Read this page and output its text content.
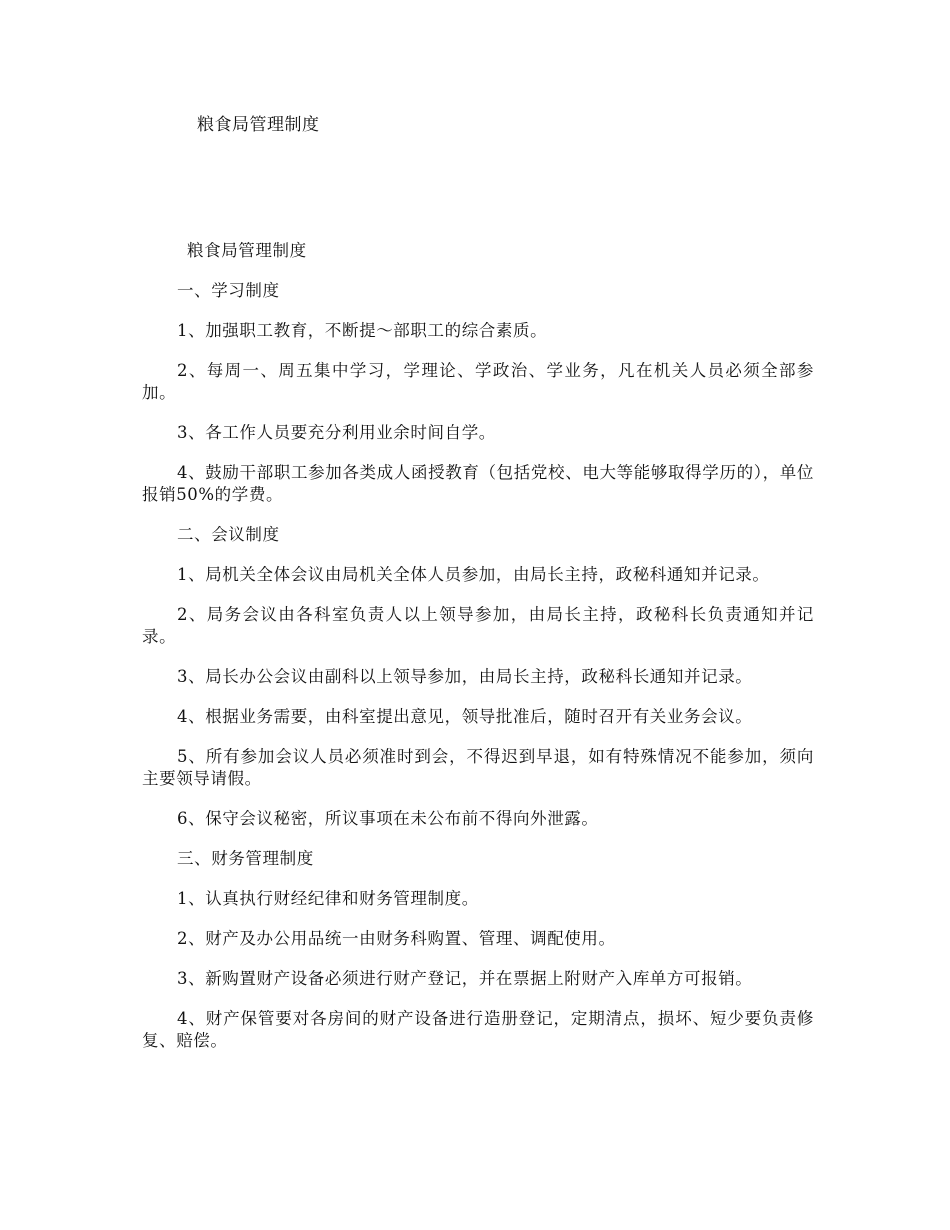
粮食局管理制度

粮食局管理制度

一、学习制度

1、加强职工教育，不断提～部职工的综合素质。

2、每周一、周五集中学习，学理论、学政治、学业务，凡在机关人员必须全部参加。

3、各工作人员要充分利用业余时间自学。

4、鼓励干部职工参加各类成人函授教育（包括党校、电大等能够取得学历的），单位报销50%的学费。

二、会议制度

1、局机关全体会议由局机关全体人员参加，由局长主持，政秘科通知并记录。

2、局务会议由各科室负责人以上领导参加，由局长主持，政秘科长负责通知并记录。

3、局长办公会议由副科以上领导参加，由局长主持，政秘科长通知并记录。

4、根据业务需要，由科室提出意见，领导批准后，随时召开有关业务会议。

5、所有参加会议人员必须准时到会，不得迟到早退，如有特殊情况不能参加，须向主要领导请假。

6、保守会议秘密，所议事项在未公布前不得向外泄露。

三、财务管理制度

1、认真执行财经纪律和财务管理制度。

2、财产及办公用品统一由财务科购置、管理、调配使用。

3、新购置财产设备必须进行财产登记，并在票据上附财产入库单方可报销。

4、财产保管要对各房间的财产设备进行造册登记，定期清点，损坏、短少要负责修复、赔偿。
